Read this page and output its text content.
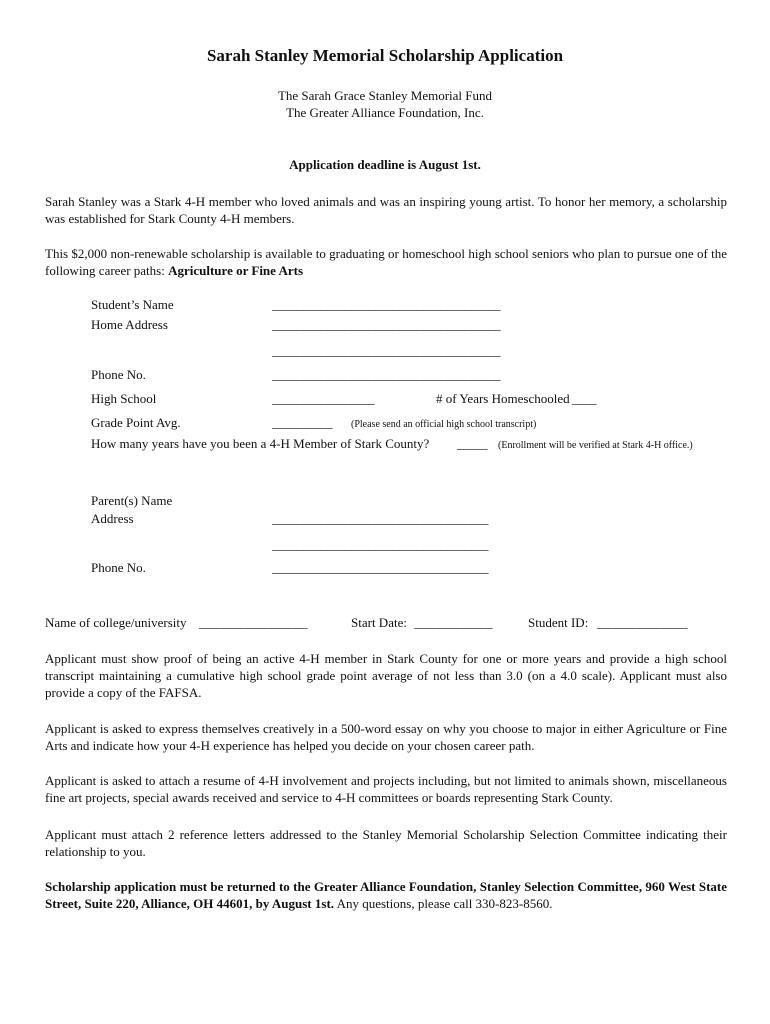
Sarah Stanley Memorial Scholarship Application
The Sarah Grace Stanley Memorial Fund
The Greater Alliance Foundation, Inc.
Application deadline is August 1st.
Sarah Stanley was a Stark 4-H member who loved animals and was an inspiring young artist. To honor her memory, a scholarship was established for Stark County 4-H members.
This $2,000 non-renewable scholarship is available to graduating or homeschool high school seniors who plan to pursue one of the following career paths: Agriculture or Fine Arts
Student’s Name	______________________________________
Home Address	______________________________________
______________________________________
Phone No.	______________________________________
High School	_________________	# of Years Homeschooled ____
Grade Point Avg.	__________ (Please send an official high school transcript)
How many years have you been a 4-H Member of Stark County? _____ (Enrollment will be verified at Stark 4-H office.)
Parent(s) Name
Address	____________________________________
____________________________________
Phone No.	____________________________________
Name of college/university __________________	Start Date: _____________	Student ID: _______________
Applicant must show proof of being an active 4-H member in Stark County for one or more years and provide a high school transcript maintaining a cumulative high school grade point average of not less than 3.0 (on a 4.0 scale). Applicant must also provide a copy of the FAFSA.
Applicant is asked to express themselves creatively in a 500-word essay on why you choose to major in either Agriculture or Fine Arts and indicate how your 4-H experience has helped you decide on your chosen career path.
Applicant is asked to attach a resume of 4-H involvement and projects including, but not limited to animals shown, miscellaneous fine art projects, special awards received and service to 4-H committees or boards representing Stark County.
Applicant must attach 2 reference letters addressed to the Stanley Memorial Scholarship Selection Committee indicating their relationship to you.
Scholarship application must be returned to the Greater Alliance Foundation, Stanley Selection Committee, 960 West State Street, Suite 220, Alliance, OH 44601, by August 1st. Any questions, please call 330-823-8560.
